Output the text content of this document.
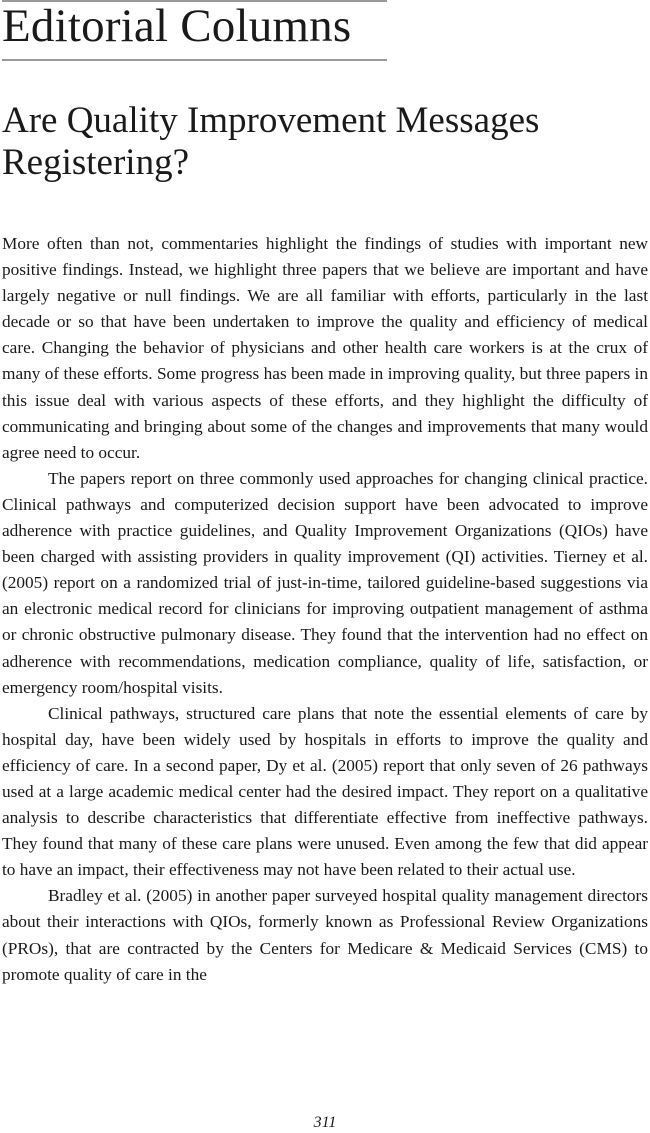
Editorial Columns
Are Quality Improvement Messages Registering?

More often than not, commentaries highlight the findings of studies with important new positive findings. Instead, we highlight three papers that we believe are important and have largely negative or null findings. We are all familiar with efforts, particularly in the last decade or so that have been undertaken to improve the quality and efficiency of medical care. Changing the behavior of physicians and other health care workers is at the crux of many of these efforts. Some progress has been made in improving quality, but three papers in this issue deal with various aspects of these efforts, and they highlight the difficulty of communicating and bringing about some of the changes and improvements that many would agree need to occur.

The papers report on three commonly used approaches for changing clinical practice. Clinical pathways and computerized decision support have been advocated to improve adherence with practice guidelines, and Quality Improvement Organizations (QIOs) have been charged with assisting providers in quality improvement (QI) activities. Tierney et al. (2005) report on a randomized trial of just-in-time, tailored guideline-based suggestions via an electronic medical record for clinicians for improving outpatient management of asthma or chronic obstructive pulmonary disease. They found that the intervention had no effect on adherence with recommendations, medication compliance, quality of life, satisfaction, or emergency room/hospital visits.

Clinical pathways, structured care plans that note the essential elements of care by hospital day, have been widely used by hospitals in efforts to improve the quality and efficiency of care. In a second paper, Dy et al. (2005) report that only seven of 26 pathways used at a large academic medical center had the desired impact. They report on a qualitative analysis to describe characteristics that differentiate effective from ineffective pathways. They found that many of these care plans were unused. Even among the few that did appear to have an impact, their effectiveness may not have been related to their actual use.

Bradley et al. (2005) in another paper surveyed hospital quality management directors about their interactions with QIOs, formerly known as Professional Review Organizations (PROs), that are contracted by the Centers for Medicare & Medicaid Services (CMS) to promote quality of care in the

311
